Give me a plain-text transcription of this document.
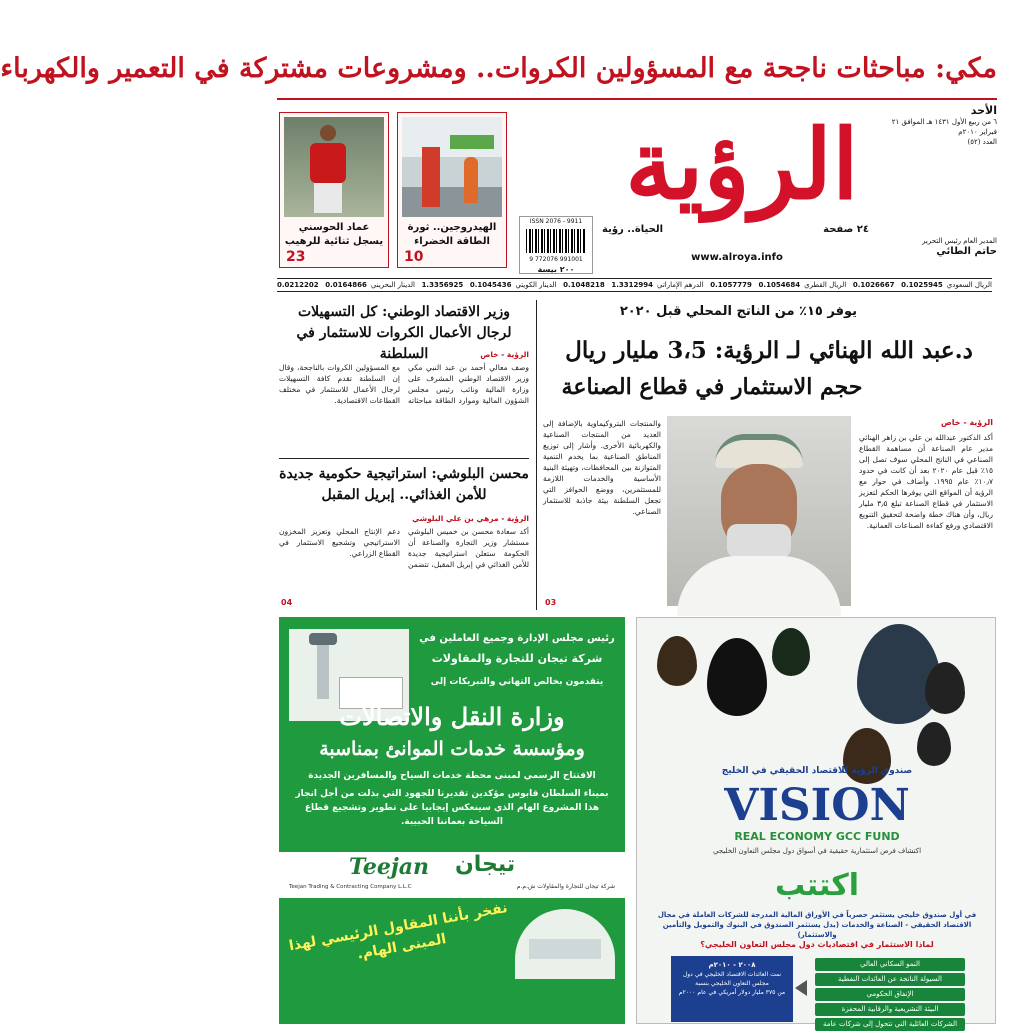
مكي: مباحثات ناجحة مع المسؤولين الكروات.. ومشروعات مشتركة في التعمير والكهرباء
الأحد
٦ من ربيع الأول ١٤٣١ هـ الموافق ٢١ فبراير ٢٠١٠م
العدد (٥٢)
المدير العام رئيس التحرير
حاتم الطائي
الرؤية
٢٤ صفحة
الحياة.. رؤية
www.alroya.info
ISSN 2076 - 9911
9 772076 991001
٢٠٠ بيسة
الهيدروجين.. ثورة الطاقة الخضراء
10
عماد الحوسني يسجل ثنائية للرهيب
23
الريال السعودي
0.1025945
0.1026667
الريال القطري
0.1054684
0.1057779
الدرهم الإماراتي
1.3312994
0.1048218
الدينار الكويتي
0.1045436
1.3356925
الدينار البحريني
0.0164866
0.0212202
يوفر ١٥٪ من الناتج المحلي قبل ٢٠٢٠
د.عبد الله الهنائي لـ الرؤية: 3،5 مليار ريال
حجم الاستثمار في قطاع الصناعة
الرؤية - خاص
أكد الدكتور عبدالله بن علي بن زاهر الهنائي مدير عام الصناعة أن مساهمة القطاع الصناعي في الناتج المحلي سوف تصل إلى ١٥٪ قبل عام ٢٠٢٠ بعد أن كانت في حدود ١٠٫٧٪ عام ١٩٩٥. وأضاف في حوار مع الرؤية أن المواقع التي يوفرها الحكم لتعزيز الاستثمار في قطاع الصناعة تبلغ ٣٫٥ مليار ريال، وأن هناك خطة واضحة لتحقيق التنويع الاقتصادي ورفع كفاءة الصناعات العمانية.
والمنتجات البتروكيماوية بالإضافة إلى العديد من المنتجات الصناعية والكهربائية الأخرى. وأشار إلى توزيع المناطق الصناعية بما يخدم التنمية المتوازنة بين المحافظات، وتهيئة البنية الأساسية والخدمات اللازمة للمستثمرين، ووضع الحوافز التي تجعل السلطنة بيئة جاذبة للاستثمار الصناعي.
03
وزير الاقتصاد الوطني: كل التسهيلات لرجال الأعمال الكروات للاستثمار في السلطنة	الرؤية - خاص
وصف معالي أحمد بن عبد النبي مكي وزير الاقتصاد الوطني المشرف على وزارة المالية ونائب رئيس مجلس الشؤون المالية وموارد الطاقة مباحثاته مع المسؤولين الكروات بالناجحة، وقال إن السلطنة تقدم كافة التسهيلات لرجال الأعمال للاستثمار في مختلف القطاعات الاقتصادية.
محسن البلوشي: استراتيجية حكومية جديدة للأمن الغذائي.. إبريل المقبل
الرؤية - مرهي بن علي البلوشي
أكد سعادة محسن بن خميس البلوشي مستشار وزير التجارة والصناعة أن الحكومة ستعلن استراتيجية جديدة للأمن الغذائي في إبريل المقبل، تتضمن دعم الإنتاج المحلي وتعزيز المخزون الاستراتيجي وتشجيع الاستثمار في القطاع الزراعي.
04
رئيس مجلس الإدارة وجميع العاملين في
شركة تيجان للتجارة والمقاولات
يتقدمون بخالص التهاني والتبريكات إلى
وزارة النقل والاتصالات
ومؤسسة خدمات الموانئ بمناسبة
الافتتاح الرسمي لمبنى محطة خدمات السياح والمسافرين الجديدة
بميناء السلطان قابوس مؤكدين تقديرنا للجهود التي بذلت من أجل انجاز هذا المشروع الهام الذي سينعكس إيجابيا على تطوير وتشجيع قطاع السياحة بعماننا الحبيبة.
Teejan تيجان
Teejan Trading & Contracting Company L.L.C	شركة تيجان للتجارة والمقاولات ش.م.م
نفخر بأننا المقاول الرئيسي لهذا المبنى الهام.
صندوق الرؤية للاقتصاد الحقيقي في الخليج
VISION
REAL ECONOMY GCC FUND
اكتشاف فرص استثمارية حقيقية في أسواق دول مجلس التعاون الخليجي
اكتتب
في أول صندوق خليجي يستثمر حصرياً في الأوراق المالية المدرجة للشركات العاملة في مجال الاقتصاد الحقيقي - الصناعة والخدمات (بدل يستثمر الصندوق في البنوك والتمويل والتأمين والاستثمار)
لماذا الاستثمار في اقتصاديات دول مجلس التعاون الخليجي؟
٢٠٠٨ - ٢٠١٠م
نمت العائدات الاقتصاد الخليجي في دول مجلس التعاون الخليجي بنسبة
من ٣٧٥ مليار دولار أمريكي في عام ٢٠٠٠م
النمو السكاني العالي
السيولة الناتجة عن العائدات النفطية
الإنفاق الحكومي
البيئة التشريعية والرقابية المحفزة
الشركات العائلية التي تتحول إلى شركات عامة
